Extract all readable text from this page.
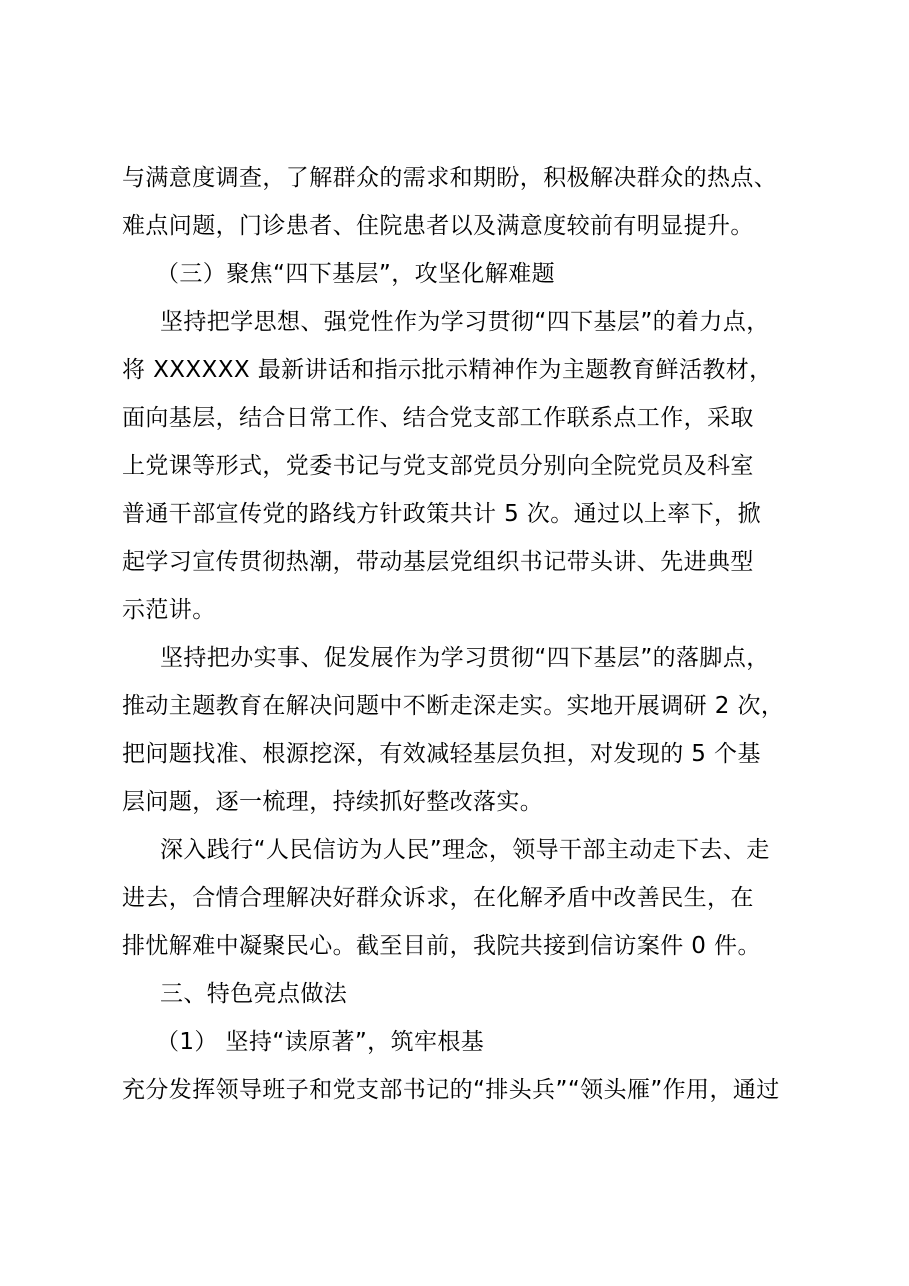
与满意度调查，了解群众的需求和期盼，积极解决群众的热点、

难点问题，门诊患者、住院患者以及满意度较前有明显提升。

（三）聚焦“四下基层”，攻坚化解难题

坚持把学思想、强党性作为学习贯彻“四下基层”的着力点，

将 XXXXXX 最新讲话和指示批示精神作为主题教育鲜活教材，

面向基层，结合日常工作、结合党支部工作联系点工作，采取

上党课等形式，党委书记与党支部党员分别向全院党员及科室

普通干部宣传党的路线方针政策共计 5 次。通过以上率下，掀

起学习宣传贯彻热潮，带动基层党组织书记带头讲、先进典型

示范讲。

坚持把办实事、促发展作为学习贯彻“四下基层”的落脚点，

推动主题教育在解决问题中不断走深走实。实地开展调研 2 次，

把问题找准、根源挖深，有效减轻基层负担，对发现的 5 个基

层问题，逐一梳理，持续抓好整改落实。

深入践行“人民信访为人民”理念，领导干部主动走下去、走

进去，合情合理解决好群众诉求，在化解矛盾中改善民生，在

排忧解难中凝聚民心。截至目前，我院共接到信访案件 0 件。

三、特色亮点做法

（1） 坚持“读原著”，筑牢根基

充分发挥领导班子和党支部书记的“排头兵”“领头雁”作用，通过
